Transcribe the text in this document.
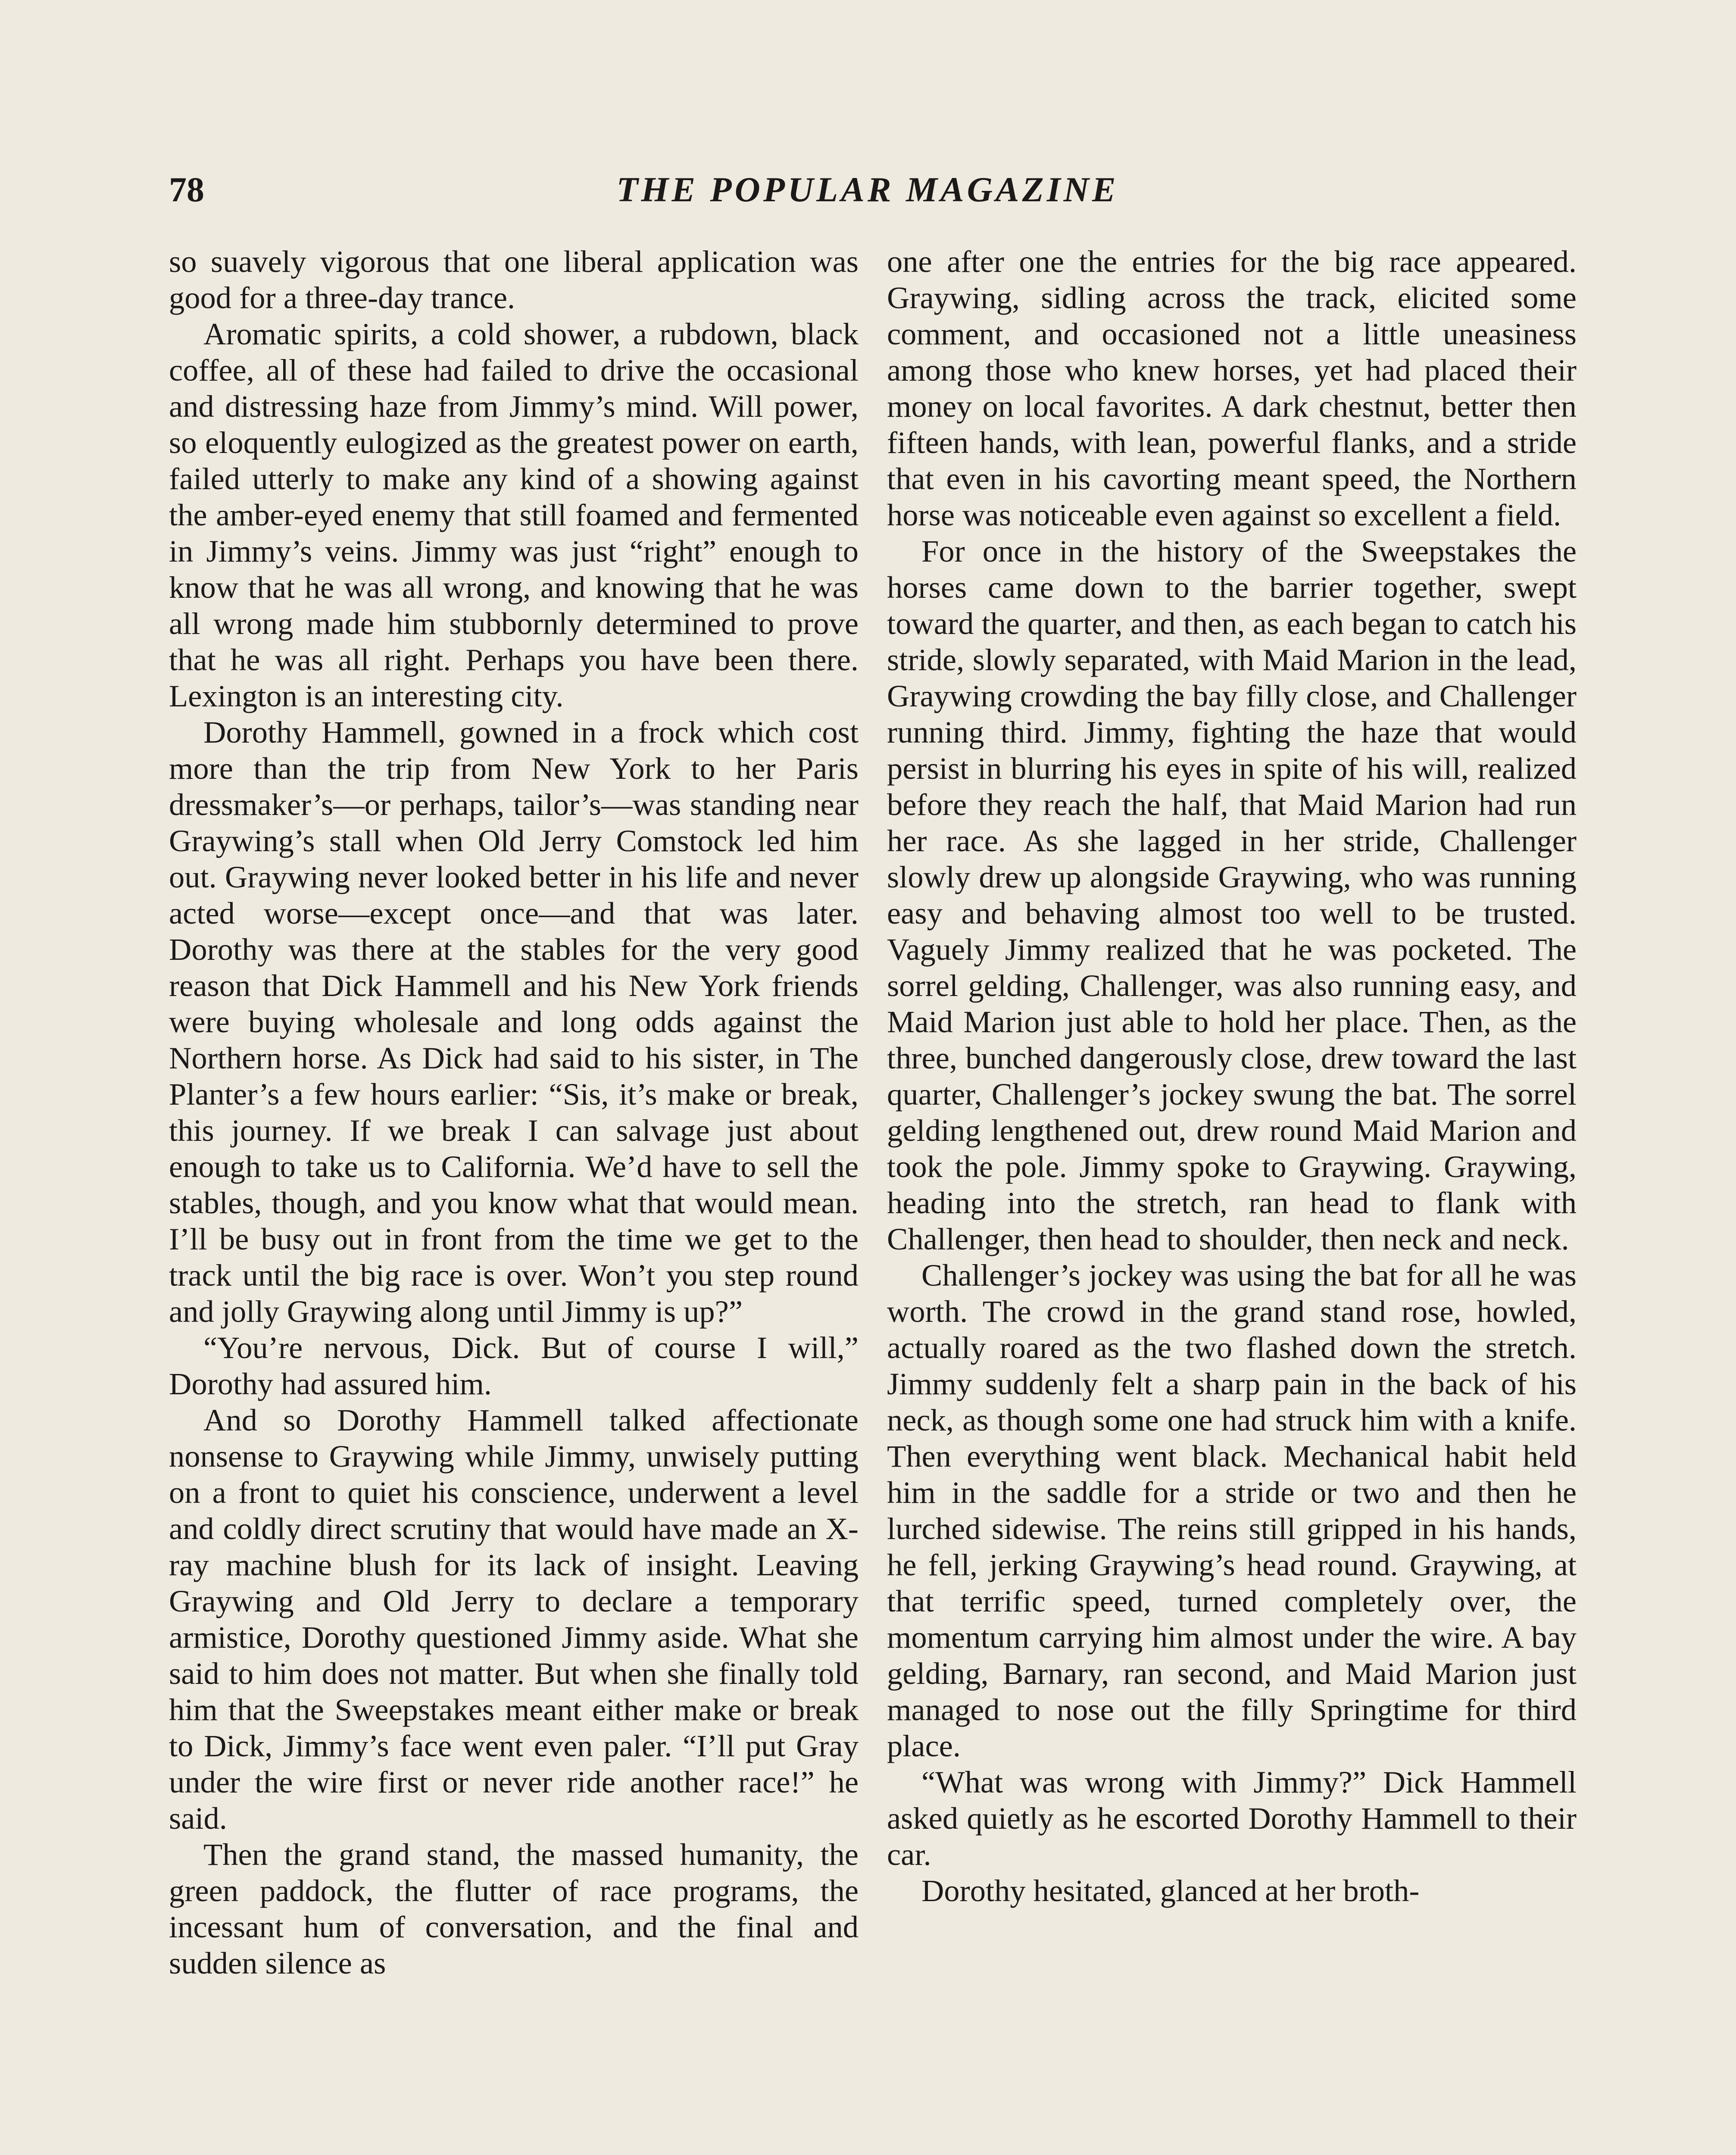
78	THE POPULAR MAGAZINE

so suavely vigorous that one liberal application was good for a three-day trance.

Aromatic spirits, a cold shower, a rubdown, black coffee, all of these had failed to drive the occasional and distressing haze from Jimmy’s mind. Will power, so eloquently eulogized as the greatest power on earth, failed utterly to make any kind of a showing against the amber-eyed enemy that still foamed and fermented in Jimmy’s veins. Jimmy was just “right” enough to know that he was all wrong, and knowing that he was all wrong made him stubbornly determined to prove that he was all right. Perhaps you have been there. Lexington is an interesting city.

Dorothy Hammell, gowned in a frock which cost more than the trip from New York to her Paris dressmaker’s—or perhaps, tailor’s—was standing near Graywing’s stall when Old Jerry Comstock led him out. Graywing never looked better in his life and never acted worse—except once—and that was later. Dorothy was there at the stables for the very good reason that Dick Hammell and his New York friends were buying wholesale and long odds against the Northern horse. As Dick had said to his sister, in The Planter’s a few hours earlier: “Sis, it’s make or break, this journey. If we break I can salvage just about enough to take us to California. We’d have to sell the stables, though, and you know what that would mean. I’ll be busy out in front from the time we get to the track until the big race is over. Won’t you step round and jolly Graywing along until Jimmy is up?”

“You’re nervous, Dick. But of course I will,” Dorothy had assured him.

And so Dorothy Hammell talked affectionate nonsense to Graywing while Jimmy, unwisely putting on a front to quiet his conscience, underwent a level and coldly direct scrutiny that would have made an X-ray machine blush for its lack of insight. Leaving Graywing and Old Jerry to declare a temporary armistice, Dorothy questioned Jimmy aside. What she said to him does not matter. But when she finally told him that the Sweepstakes meant either make or break to Dick, Jimmy’s face went even paler. “I’ll put Gray under the wire first or never ride another race!” he said.

Then the grand stand, the massed humanity, the green paddock, the flutter of race programs, the incessant hum of conversation, and the final and sudden silence as

one after one the entries for the big race appeared. Graywing, sidling across the track, elicited some comment, and occasioned not a little uneasiness among those who knew horses, yet had placed their money on local favorites. A dark chestnut, better then fifteen hands, with lean, powerful flanks, and a stride that even in his cavorting meant speed, the Northern horse was noticeable even against so excellent a field.

For once in the history of the Sweepstakes the horses came down to the barrier together, swept toward the quarter, and then, as each began to catch his stride, slowly separated, with Maid Marion in the lead, Graywing crowding the bay filly close, and Challenger running third. Jimmy, fighting the haze that would persist in blurring his eyes in spite of his will, realized before they reach the half, that Maid Marion had run her race. As she lagged in her stride, Challenger slowly drew up alongside Graywing, who was running easy and behaving almost too well to be trusted. Vaguely Jimmy realized that he was pocketed. The sorrel gelding, Challenger, was also running easy, and Maid Marion just able to hold her place. Then, as the three, bunched dangerously close, drew toward the last quarter, Challenger’s jockey swung the bat. The sorrel gelding lengthened out, drew round Maid Marion and took the pole. Jimmy spoke to Graywing. Graywing, heading into the stretch, ran head to flank with Challenger, then head to shoulder, then neck and neck.

Challenger’s jockey was using the bat for all he was worth. The crowd in the grand stand rose, howled, actually roared as the two flashed down the stretch. Jimmy suddenly felt a sharp pain in the back of his neck, as though some one had struck him with a knife. Then everything went black. Mechanical habit held him in the saddle for a stride or two and then he lurched sidewise. The reins still gripped in his hands, he fell, jerking Graywing’s head round. Graywing, at that terrific speed, turned completely over, the momentum carrying him almost under the wire. A bay gelding, Barnary, ran second, and Maid Marion just managed to nose out the filly Springtime for third place.

“What was wrong with Jimmy?” Dick Hammell asked quietly as he escorted Dorothy Hammell to their car.

Dorothy hesitated, glanced at her broth-
